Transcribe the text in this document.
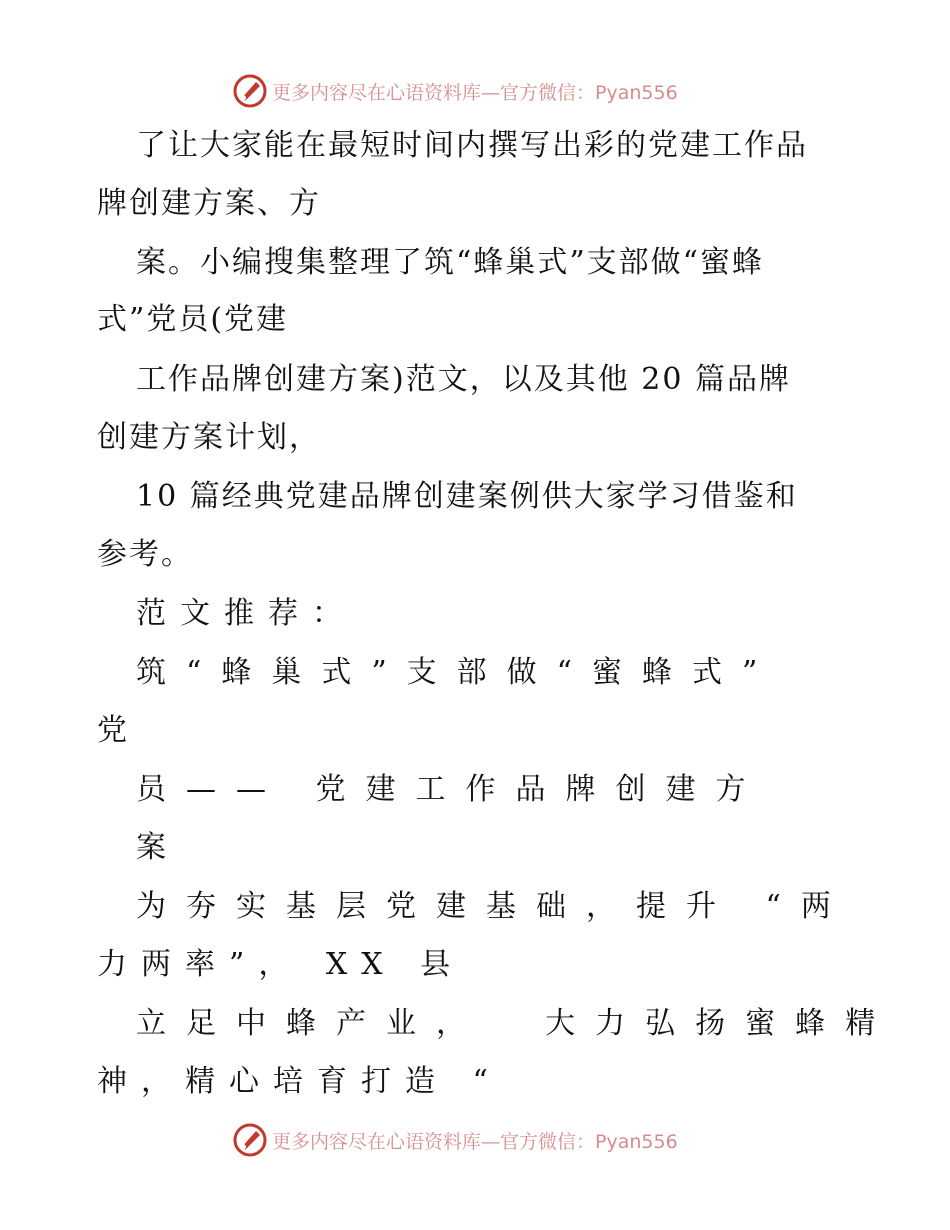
更多内容尽在心语资料库—官方微信：Pyan556
了让大家能在最短时间内撰写出彩的党建工作品
牌创建方案、方
案。小编搜集整理了筑“蜂巢式”支部做“蜜蜂
式”党员(党建
工作品牌创建方案)范文，以及其他 20 篇品牌
创建方案计划，
10 篇经典党建品牌创建案例供大家学习借鉴和
参考。
范文推荐：
筑“蜂巢式”支部做“蜜蜂式”
党
员—— 党建工作品牌创建方
案
为夯实基层党建基础，提升 “两
力两率”， XX 县
立足中蜂产业，  大力弘扬蜜蜂精
神，精心培育打造 “
更多内容尽在心语资料库—官方微信：Pyan556
